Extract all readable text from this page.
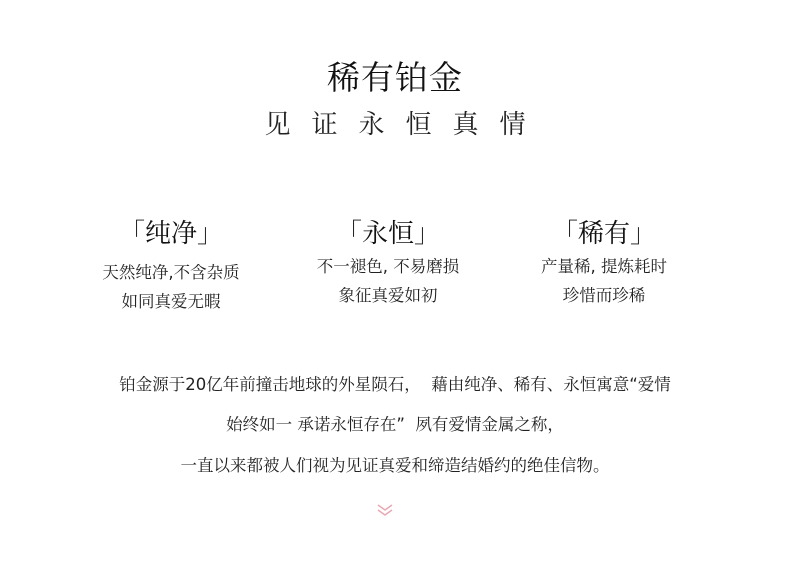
稀有铂金
见证永恒真情
「纯净」
天然纯净,不含杂质
如同真爱无暇
「永恒」
不一褪色, 不易磨损
象征真爱如初
「稀有」
产量稀, 提炼耗时
珍惜而珍稀
铂金源于20亿年前撞击地球的外星陨石，  藉由纯净、稀有、永恒寓意“爱情
始终如一 承诺永恒存在”  夙有爱情金属之称，
一直以来都被人们视为见证真爱和缔造结婚约的绝佳信物。
